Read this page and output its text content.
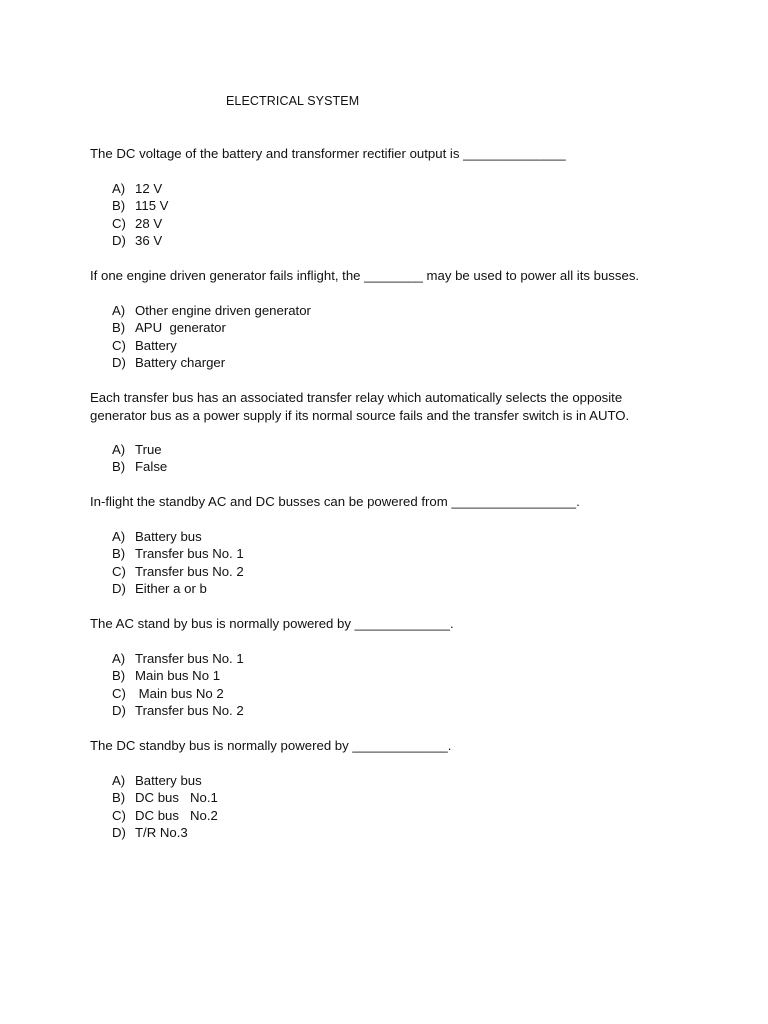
ELECTRICAL SYSTEM
The DC voltage of the battery and transformer rectifier output is ______________
A) 12 V
B) 115 V
C) 28 V
D) 36 V
If one engine driven generator fails inflight, the ________ may be used to power all its busses.
A) Other engine driven generator
B) APU  generator
C) Battery
D) Battery charger
Each transfer bus has an associated transfer relay which automatically selects the opposite generator bus as a power supply if its normal source fails and the transfer switch is in AUTO.
A) True
B) False
In-flight the standby AC and DC busses can be powered from _________________.
A) Battery bus
B) Transfer bus No. 1
C) Transfer bus No. 2
D) Either a or b
The AC stand by bus is normally powered by _____________.
A) Transfer bus No. 1
B) Main bus No 1
C) Main bus No 2
D) Transfer bus No. 2
The DC standby bus is normally powered by _____________.
A) Battery bus
B) DC bus   No.1
C) DC bus   No.2
D) T/R No.3
